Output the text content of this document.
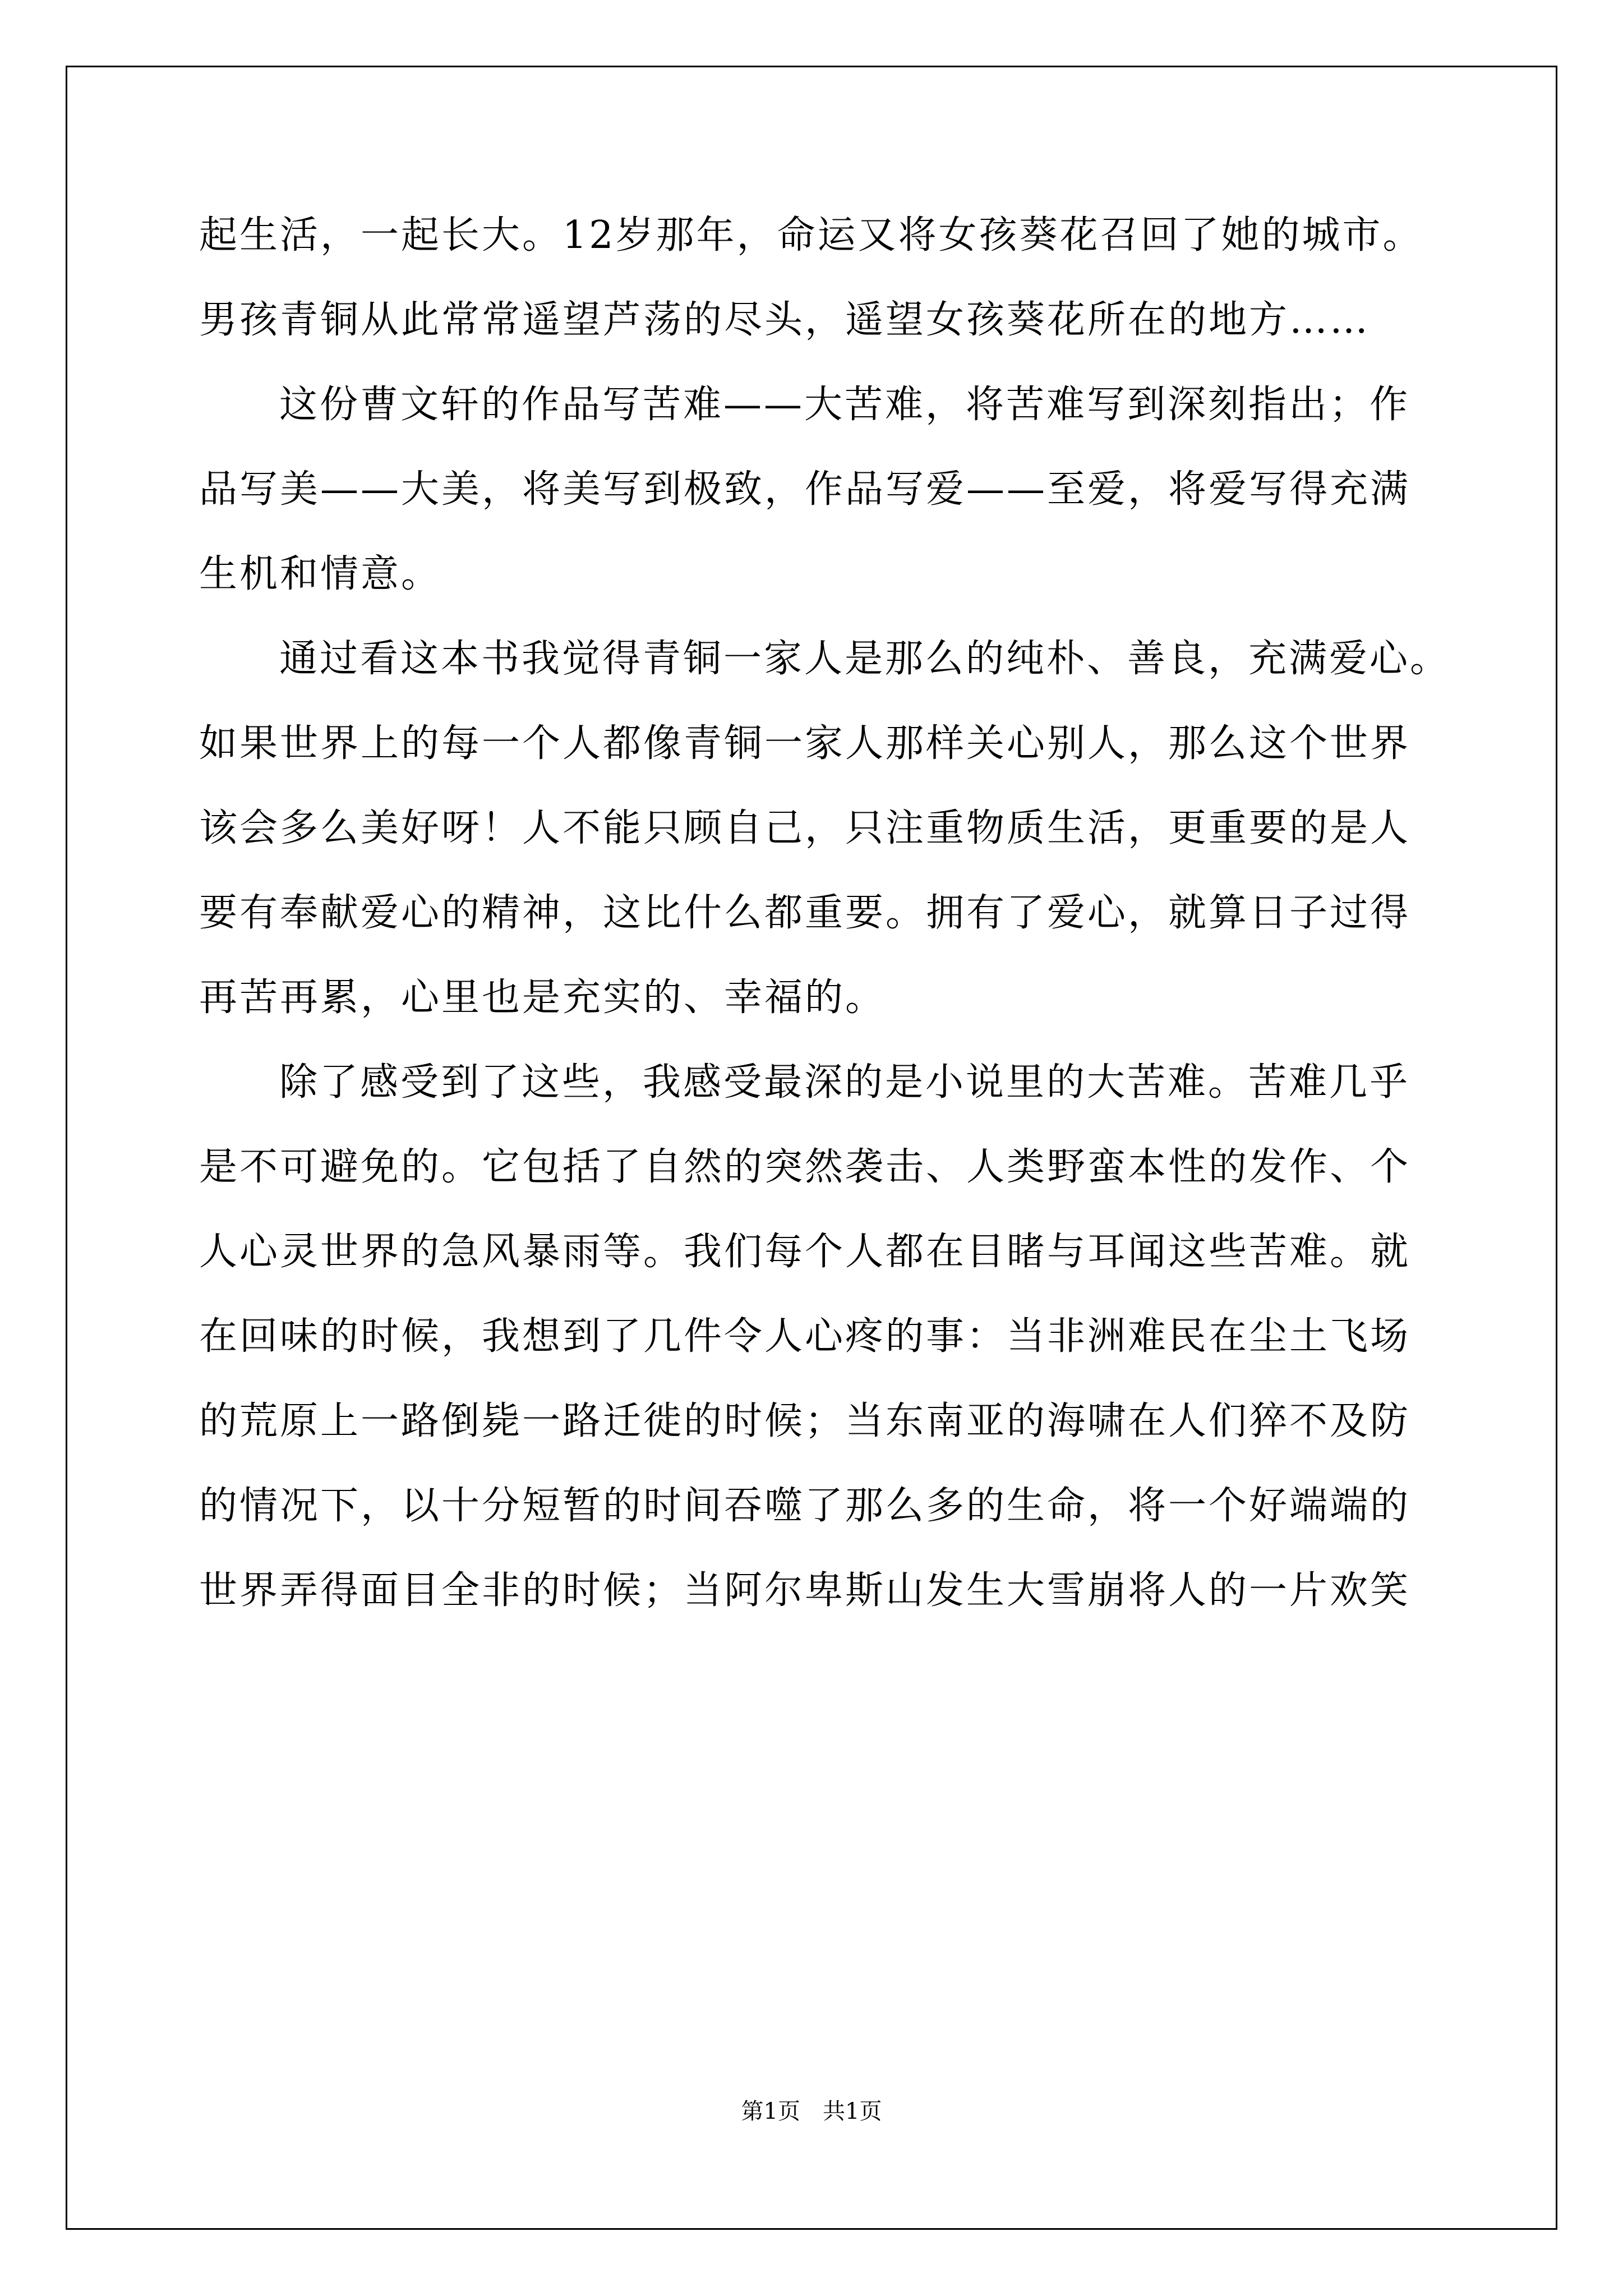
起生活，一起长大。12岁那年，命运又将女孩葵花召回了她的城市。
男孩青铜从此常常遥望芦荡的尽头，遥望女孩葵花所在的地方……
这份曹文轩的作品写苦难——大苦难，将苦难写到深刻指出；作
品写美——大美，将美写到极致，作品写爱——至爱，将爱写得充满
生机和情意。
通过看这本书我觉得青铜一家人是那么的纯朴、善良，充满爱心。
如果世界上的每一个人都像青铜一家人那样关心别人，那么这个世界
该会多么美好呀！人不能只顾自己，只注重物质生活，更重要的是人
要有奉献爱心的精神，这比什么都重要。拥有了爱心，就算日子过得
再苦再累，心里也是充实的、幸福的。
除了感受到了这些，我感受最深的是小说里的大苦难。苦难几乎
是不可避免的。它包括了自然的突然袭击、人类野蛮本性的发作、个
人心灵世界的急风暴雨等。我们每个人都在目睹与耳闻这些苦难。就
在回味的时候，我想到了几件令人心疼的事：当非洲难民在尘土飞场
的荒原上一路倒毙一路迁徙的时候；当东南亚的海啸在人们猝不及防
的情况下，以十分短暂的时间吞噬了那么多的生命，将一个好端端的
世界弄得面目全非的时候；当阿尔卑斯山发生大雪崩将人的一片欢笑
第1页　共1页
